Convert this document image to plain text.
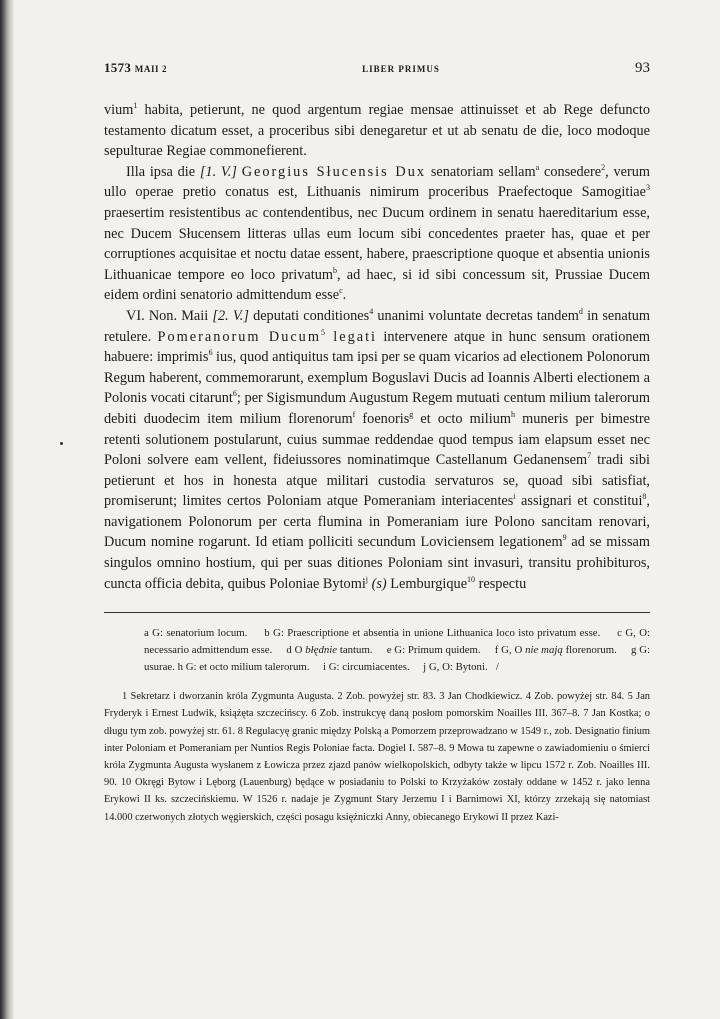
1573 MAII 2	LIBER PRIMUS	93

vium$^1$ habita, petierunt, ne quod argentum regiae mensae attinuisset et ab Rege defuncto testamento dicatum esset, a proceribus sibi denegaretur et ut ab senatu de die, loco modoque sepulturae Regiae commonefierent.

Illa ipsa die [1. V.] Georgius Słucensis Dux senatoriam sellam$^a$ consedere$^2$, verum ullo operae pretio conatus est, Lithuanis nimirum proceribus Praefectoque Samogitiae$^3$ praesertim resistentibus ac contendentibus, nec Ducum ordinem in senatu haereditarium esse, nec Ducem Słucensem litteras ullas eum locum sibi concedentes praeter has, quae et per corruptiones acquisitae et noctu datae essent, habere, praescriptione quoque et absentia unionis Lithuanicae tempore eo loco privatum$^b$, ad haec, si id sibi concessum sit, Prussiae Ducem eidem ordini senatorio admittendum esse$^c$.

VI. Non. Maii [2. V.] deputati conditiones$^4$ unanimi voluntate decretas tandem$^d$ in senatum retulere. Pomeranorum Ducum$^5$ legati intervenere atque in hunc sensum orationem habuere: imprimis$^6$ ius, quod antiquitus tam ipsi per se quam vicarios ad electionem Polonorum Regum haberent, commemorarunt, exemplum Boguslavi Ducis ad Ioannis Alberti electionem a Polonis vocati citarunt$^6$; per Sigismundum Augustum Regem mutuati centum milium talerorum debiti duodecim item milium florenorum$^f$ foenoris$^g$ et octo milium$^h$ muneris per bimestre retenti solutionem postularunt, cuius summae reddendae quod tempus iam elapsum esset nec Poloni solvere eam vellent, fideiussores nominatimque Castellanum Gedanensem$^7$ tradi sibi petierunt et hos in honesta atque militari custodia servaturos se, quoad sibi satisfiat, promiserunt; limites certos Poloniam atque Pomeraniam interiacentes$^i$ assignari et constitui$^8$, navigationem Polonorum per certa flumina in Pomeraniam iure Polono sancitam renovari, Ducum nomine rogarunt. Id etiam polliciti secundum Loviciensem legationem$^9$ ad se missam singulos omnino hostium, qui per suas ditiones Poloniam sint invasuri, transitu prohibituros, cuncta officia debita, quibus Poloniae Bytomi$^j$ (s) Lemburgique$^{10}$ respectu

a G: senatorium locum. b G: Praescriptione et absentia in unione Lithuanica loco isto privatum esse. c G, O: necessario admittendum esse. d O błędnie tantum. e G: Primum quidem. f G, O nie mają florenorum. g G: usurae. h G: et octo milium talerorum. i G: circumiacentes. j G, O: Bytoni. /
1 Sekretarz i dworzanin króla Zygmunta Augusta. 2 Zob. powyżej str. 83. 3 Jan Chodkiewicz. 4 Zob. powyżej str. 84. 5 Jan Fryderyk i Ernest Ludwik, książęta szczecińscy. 6 Zob. instrukcyę daną posłom pomorskim Noailles III. 367–8. 7 Jan Kostka; o długu tym zob. powyżej str. 61. 8 Regulacyę granic między Polską a Pomorzem przeprowadzano w 1549 r., zob. Designatio finium inter Poloniam et Pomeraniam per Nuntios Regis Poloniae facta. Dogiel I. 587–8. 9 Mowa tu zapewne o zawiadomieniu o śmierci króla Zygmunta Augusta wysłanem z Łowicza przez zjazd panów wielkopolskich, odbyty także w lipcu 1572 r. Zob. Noailles III. 90. 10 Okręgi Bytow i Lęborg (Lauenburg) będące w posiadaniu to Polski to Krzyżaków zostały oddane w 1452 r. jako lenna Erykowi II ks. szczecińskiemu. W 1526 r. nadaje je Zygmunt Stary Jerzemu I i Barnimowi XI, którzy zrzekają się natomiast 14.000 czerwonych złotych węgierskich, części posagu księżniczki Anny, obiecanego Erykowi II przez Kazi-
